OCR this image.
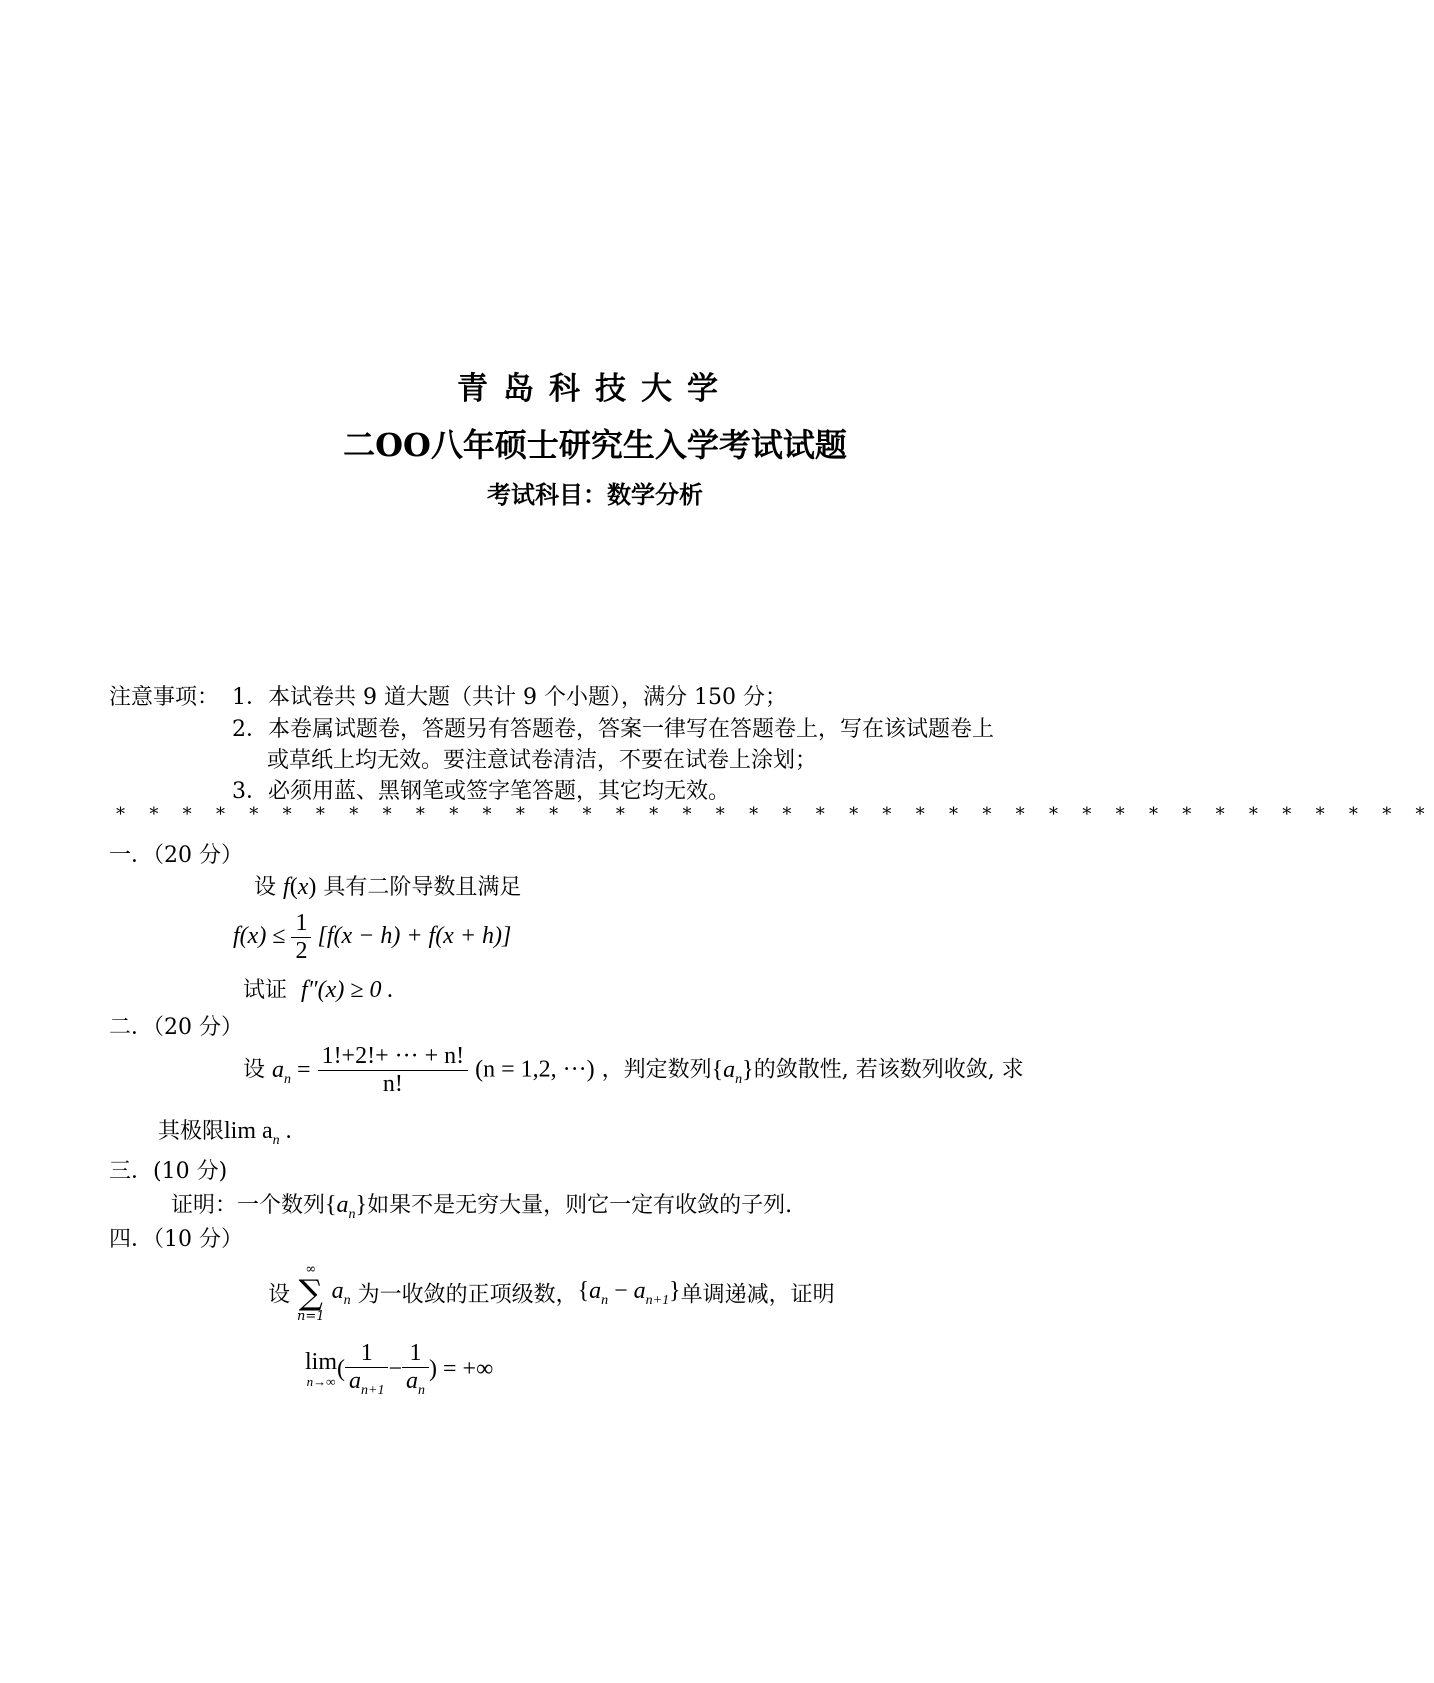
青岛科技大学
二OO八年硕士研究生入学考试试题
考试科目：数学分析
注意事项： 1．本试卷共 9 道大题（共计 9 个小题），满分 150 分；
2．本卷属试题卷，答题另有答题卷，答案一律写在答题卷上，写在该试题卷上
或草纸上均无效。要注意试卷清洁，不要在试卷上涂划；
3．必须用蓝、黑钢笔或签字笔答题，其它均无效。
* * * * * * * * * * * * * * * * * * * * * * * * * * * * * * * * * * * * * * * *
一．（20 分）
设 f(x) 具有二阶导数且满足
$f(x) \le \frac{1}{2} [f(x - h) + f(x + h)]$
试证 f″(x) ≥ 0 .
二．（20 分）
设 $a_n = \frac{1!+2!+ \cdot\cdot\cdot + n!}{n!} (n = 1,2$, ···) ，判定数列$\{a_n\}$的敛散性, 若该数列收敛, 求
其极限$\lim a_n$ .
三．(10 分)
证明：一个数列$\{a_n\}$如果不是无穷大量，则它一定有收敛的子列.
四．（10 分）
设
∞
∑
n=1
$a_n$ 为一收敛的正项级数，$\{a_n - a_{n+1}\}$单调递减，证明
lim
n→∞
( $\frac{1}{a_{n+1}} - \frac{1}{a_n}$ ) = +∞
